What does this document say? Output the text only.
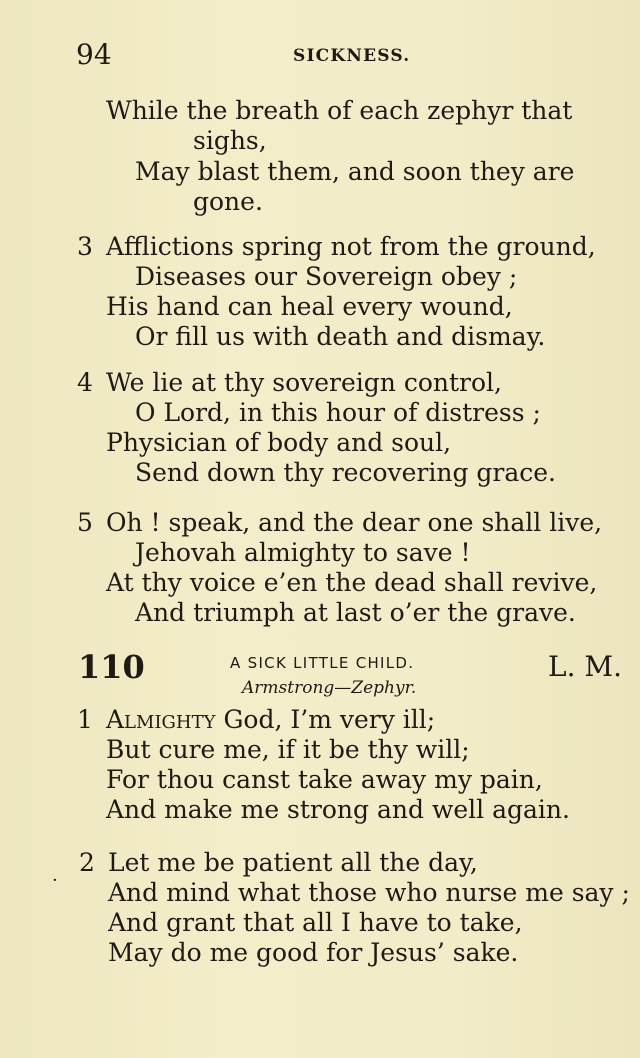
94	SICKNESS.
While the breath of each zephyr that
sighs,
May blast them, and soon they are
gone.
3 Afflictions spring not from the ground,
Diseases our Sovereign obey ;
His hand can heal every wound,
Or fill us with death and dismay.
4 We lie at thy sovereign control,
O Lord, in this hour of distress ;
Physician of body and soul,
Send down thy recovering grace.
5 Oh ! speak, and the dear one shall live,
Jehovah almighty to save !
At thy voice e’en the dead shall revive,
And triumph at last o’er the grave.
110	A SICK LITTLE CHILD.	L. M.
Armstrong—Zephyr.
1 Almighty God, I’m very ill;
But cure me, if it be thy will;
For thou canst take away my pain,
And make me strong and well again.
·
2 Let me be patient all the day,
And mind what those who nurse me say ;
And grant that all I have to take,
May do me good for Jesus’ sake.
